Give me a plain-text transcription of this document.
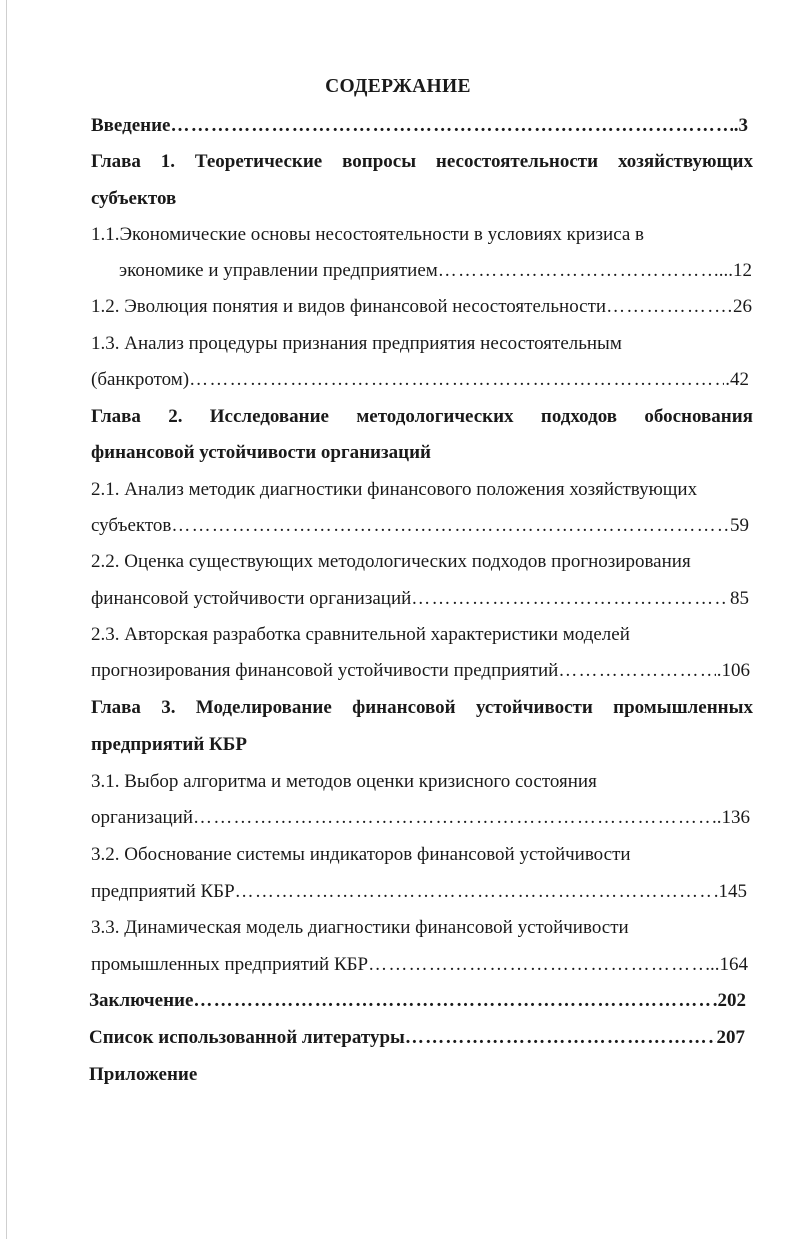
СОДЕРЖАНИЕ
Введение …………………………………………………………………………………………………………………………………………………………………………………………	.3
Глава 1. Теоретические вопросы несостоятельности хозяйствующих
субъектов
1.1.Экономические основы несостоятельности в условиях кризиса в
экономике и управлении предприятием …………………………………………………………………………………………………………………………………………………………………………………………	...12
1.2. Эволюция понятия и видов финансовой несостоятельности …………………………………………………………………………………………………………………………………………………………………………………………	…26
1.3. Анализ процедуры признания предприятия несостоятельным
(банкротом) …………………………………………………………………………………………………………………………………………………………………………………………	.42
Глава 2. Исследование методологических подходов обоснования
финансовой устойчивости организаций
2.1. Анализ методик диагностики финансового положения хозяйствующих
субъектов …………………………………………………………………………………………………………………………………………………………………………………………	59
2.2. Оценка существующих методологических подходов прогнозирования
финансовой устойчивости организаций …………………………………………………………………………………………………………………………………………………………………………………………	85
2.3. Авторская разработка сравнительной характеристики моделей
прогнозирования финансовой устойчивости предприятий …………………………………………………………………………………………………………………………………………………………………………………………	.106
Глава 3. Моделирование финансовой устойчивости промышленных
предприятий КБР
3.1. Выбор алгоритма и методов оценки кризисного состояния
организаций …………………………………………………………………………………………………………………………………………………………………………………………	..136
3.2. Обоснование системы индикаторов финансовой устойчивости
предприятий КБР …………………………………………………………………………………………………………………………………………………………………………………………	.145
3.3. Динамическая модель диагностики финансовой устойчивости
промышленных предприятий КБР …………………………………………………………………………………………………………………………………………………………………………………………	...164
Заключение …………………………………………………………………………………………………………………………………………………………………………………………	.202
Список использованной литературы …………………………………………………………………………………………………………………………………………………………………………………………	207
Приложение
